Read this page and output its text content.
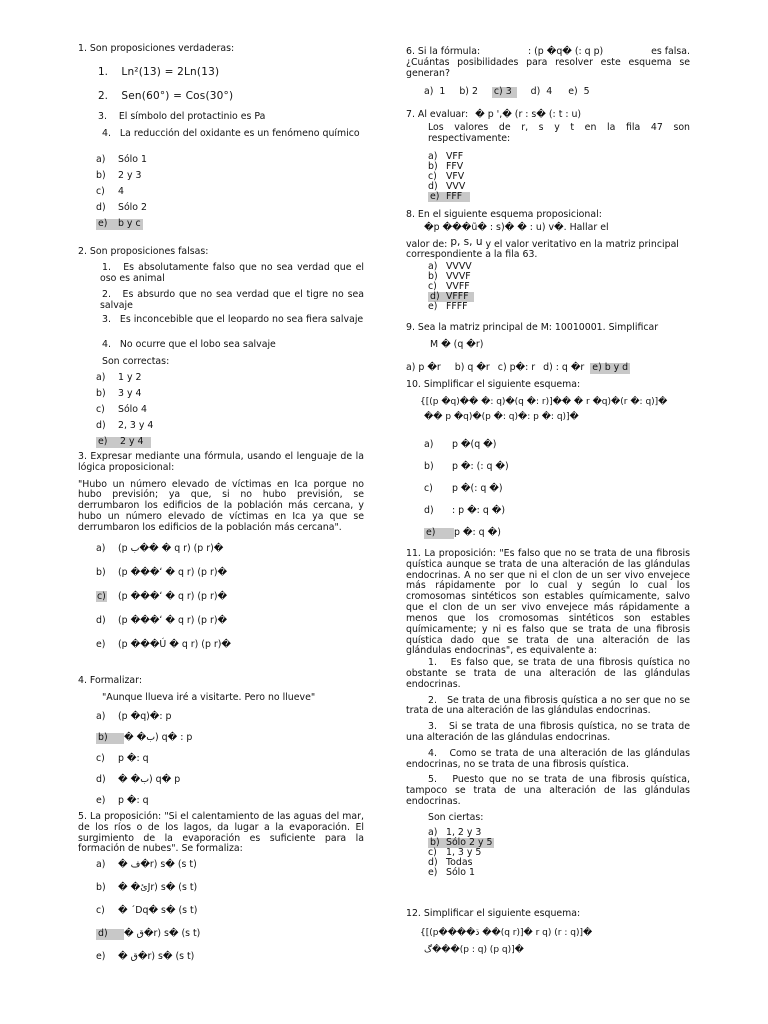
1. Son proposiciones verdaderas:

1. Ln²(13) = 2Ln(13)
2. Sen(60°) = Cos(30°)
3. El símbolo del protactinio es Pa
4. La reducción del oxidante es un fenómeno químico
a)	Sólo 1
b)	2 y 3
c)	4
d)	Sólo 2
e) b y c

2. Son proposiciones falsas:

1. Es absolutamente falso que no sea verdad que el oso es animal
2. Es absurdo que no sea verdad que el tigre no sea salvaje
3. Es inconcebible que el leopardo no sea fiera salvaje
4. No ocurre que el lobo sea salvaje
Son correctas:
a)	1 y 2
b)	3 y 4
c)	Sólo 4
d)	2, 3 y 4
e) 2 y 4

3. Expresar mediante una fórmula, usando el lenguaje de la lógica proposicional:

"Hubo un número elevado de víctimas en Ica porque no hubo previsión; ya que, si no hubo previsión, se derrumbaron los edificios de la población más cercana, y hubo un número elevado de víctimas en Ica ya que se derrumbaron los edificios de la población más cercana".

a)	(p ب�� � q r) (p r)�
b)	(p ���ʻ � q r) (p r)�
c)	(p ���ʻ � q r) (p r)�
d)	(p ���ʻ � q r) (p r)�
e)	(p ���Ú � q r) (p r)�

4. Formalizar:

"Aunque llueva iré a visitarte. Pero no llueve"

a)	(p �q)�: p
b)	� �ب) q� : p
c)	p �: q
d)	� �ب) q� p
e)	p �: q

5. La proposición: "Si el calentamiento de las aguas del mar, de los ríos o de los lagos, da lugar a la evaporación. El surgimiento de la evaporación es suficiente para la formación de nubes". Se formaliza:

a)	� ف�r) s� (s t)
b)	� �ئJr) s� (s t)
c)	� ´Dq� s� (s t)
d)	� ق�r) s� (s t)
e)	� ق�r) s� (s t)
6. Si la fórmula:	: (p �q� (: q p)	es falsa.

¿Cuántas posibilidades para resolver este esquema se generan?

a) 1 b) 2 c) 3	d) 4 e) 5
7. Al evaluar: � p ',� (r : s� (: t : u)

Los valores de r, s y t en la fila 47 son respectivamente:

a) VFF
b) FFV
c) VFV
d) VVV
e) FFF

8. En el siguiente esquema proposicional:

�p ���ũ� : s)� � : u) v�. Hallar el
valor de: p, s, u y el valor veritativo en la matriz principal correspondiente a la fila 63.
a) VVVV
b) VVVF
c) VVFF
d) VFFF
e) FFFF

9. Sea la matriz principal de M: 10010001. Simplificar

M � (q �r)
a) p �r b) q �r c) p�: r d) : q �r e) b y d

10. Simplificar el siguiente esquema:

{[(p �q)�� �: q)�(q �: r)]�� � r �q)�(r �: q)]�
�� p �q)�(p �: q)�: p �: q)]�
a)	p �(q �)
b)	p �: (: q �)
c)	p �(: q �)
d)	: p �: q �)
e)	p �: q �)

11. La proposición: "Es falso que no se trata de una fibrosis quística aunque se trata de una alteración de las glándulas endocrinas. A no ser que ni el clon de un ser vivo envejece más rápidamente por lo cual y según lo cual los cromosomas sintéticos son estables químicamente, salvo que el clon de un ser vivo envejece más rápidamente a menos que los cromosomas sintéticos son estables químicamente; y ni es falso que se trata de una fibrosis quística dado que se trata de una alteración de las glándulas endocrinas", es equivalente a:

1. Es falso que, se trata de una fibrosis quística no obstante se trata de una alteración de las glándulas endocrinas.
2. Se trata de una fibrosis quística a no ser que no se trata de una alteración de las glándulas endocrinas.
3. Si se trata de una fibrosis quística, no se trata de una alteración de las glándulas endocrinas.
4. Como se trata de una alteración de las glándulas endocrinas, no se trata de una fibrosis quística.
5. Puesto que no se trata de una fibrosis quística, tampoco se trata de una alteración de las glándulas endocrinas.
Son ciertas:
a) 1, 2 y 3
b) Sólo 2 y 5
c) 1, 3 y 5
d) Todas
e) Sólo 1

12. Simplificar el siguiente esquema:

{[(p����ڌ ��(q r)]� r q) (r : q)]�
گ���(p : q) (p q)]�
